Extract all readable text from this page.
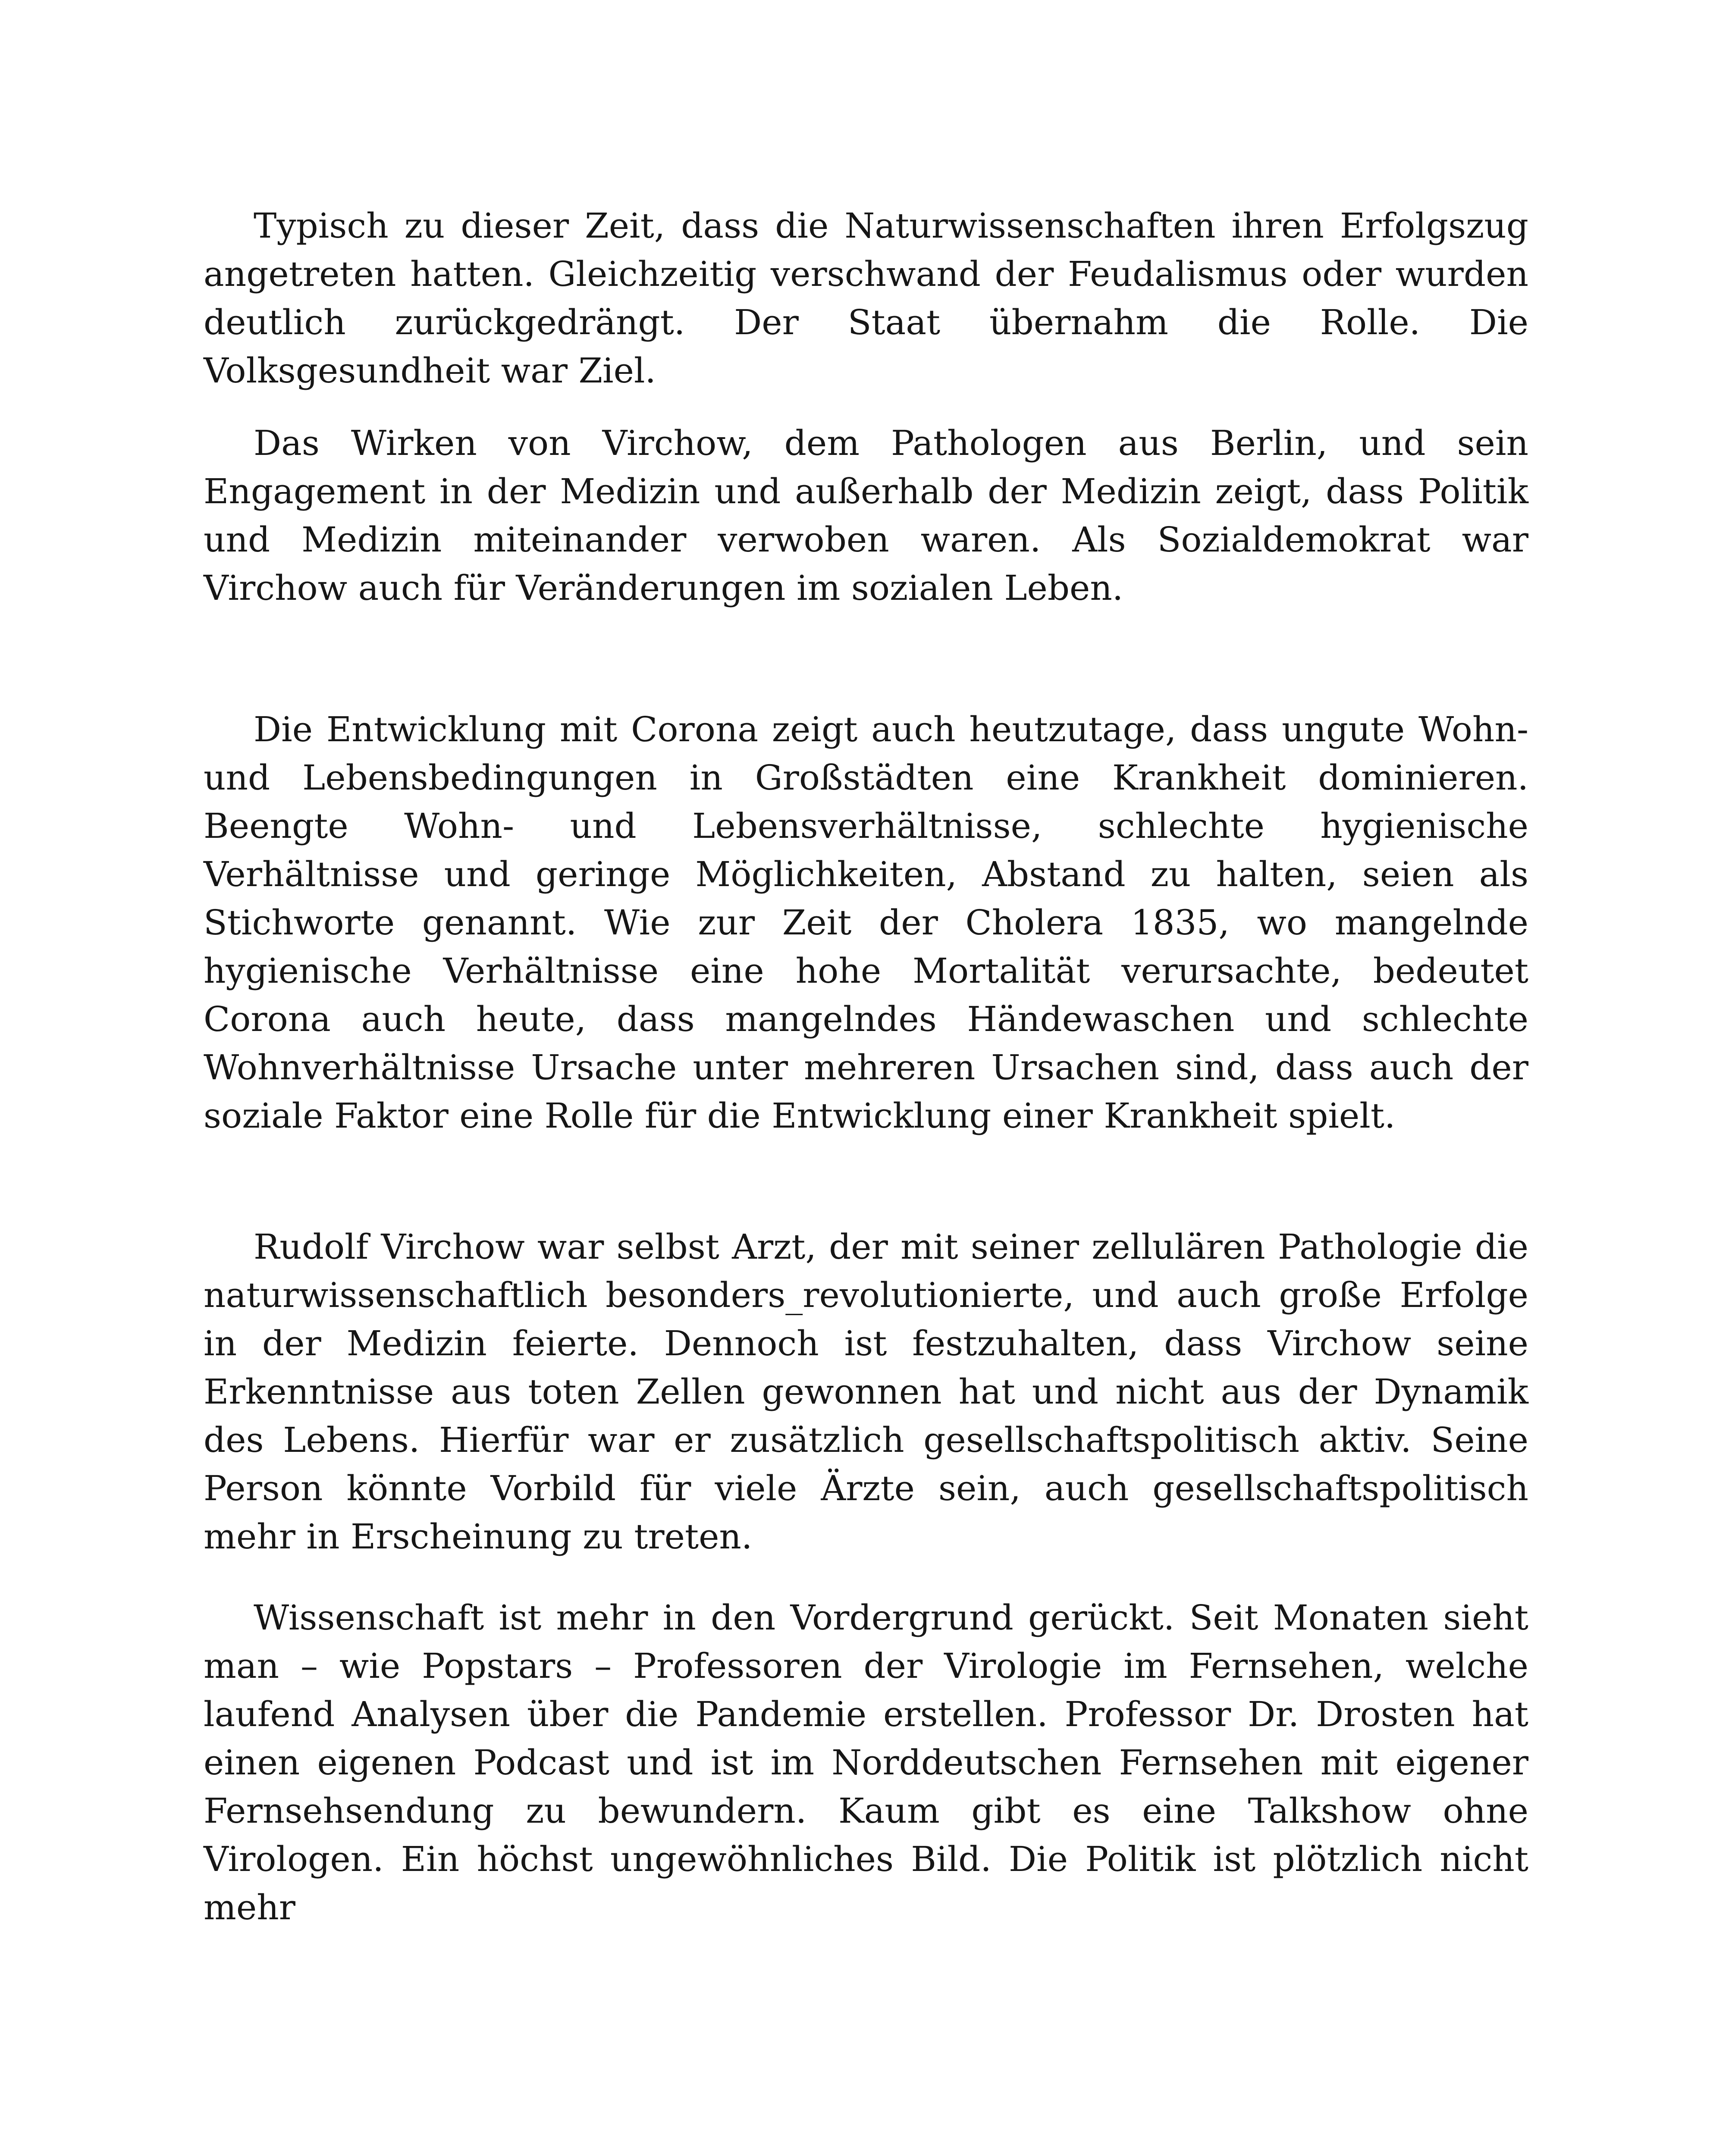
Typisch zu dieser Zeit, dass die Naturwissenschaften ihren Erfolgszug angetreten hatten. Gleichzeitig verschwand der Feudalismus oder wurden deutlich zurückgedrängt. Der Staat übernahm die Rolle. Die Volksgesundheit war Ziel.

Das Wirken von Virchow, dem Pathologen aus Berlin, und sein Engagement in der Medizin und außerhalb der Medizin zeigt, dass Politik und Medizin miteinander verwoben waren. Als Sozialdemokrat war Virchow auch für Veränderungen im sozialen Leben.

Die Entwicklung mit Corona zeigt auch heutzutage, dass ungute Wohn- und Lebensbedingungen in Großstädten eine Krankheit dominieren. Beengte Wohn- und Lebensverhältnisse, schlechte hygienische Verhältnisse und geringe Möglichkeiten, Abstand zu halten, seien als Stichworte genannt. Wie zur Zeit der Cholera 1835, wo mangelnde hygienische Verhältnisse eine hohe Mortalität verursachte, bedeutet Corona auch heute, dass mangelndes Händewaschen und schlechte Wohnverhältnisse Ursache unter mehreren Ursachen sind, dass auch der soziale Faktor eine Rolle für die Entwicklung einer Krankheit spielt.

Rudolf Virchow war selbst Arzt, der mit seiner zellulären Pathologie die naturwissenschaftlich besonders_revolutionierte, und auch große Erfolge in der Medizin feierte. Dennoch ist festzuhalten, dass Virchow seine Erkenntnisse aus toten Zellen gewonnen hat und nicht aus der Dynamik des Lebens. Hierfür war er zusätzlich gesellschaftspolitisch aktiv. Seine Person könnte Vorbild für viele Ärzte sein, auch gesellschaftspolitisch mehr in Erscheinung zu treten.

Wissenschaft ist mehr in den Vordergrund gerückt. Seit Monaten sieht man – wie Popstars – Professoren der Virologie im Fernsehen, welche laufend Analysen über die Pandemie erstellen. Professor Dr. Drosten hat einen eigenen Podcast und ist im Norddeutschen Fernsehen mit eigener Fernsehsendung zu bewundern. Kaum gibt es eine Talkshow ohne Virologen. Ein höchst ungewöhnliches Bild. Die Politik ist plötzlich nicht mehr
